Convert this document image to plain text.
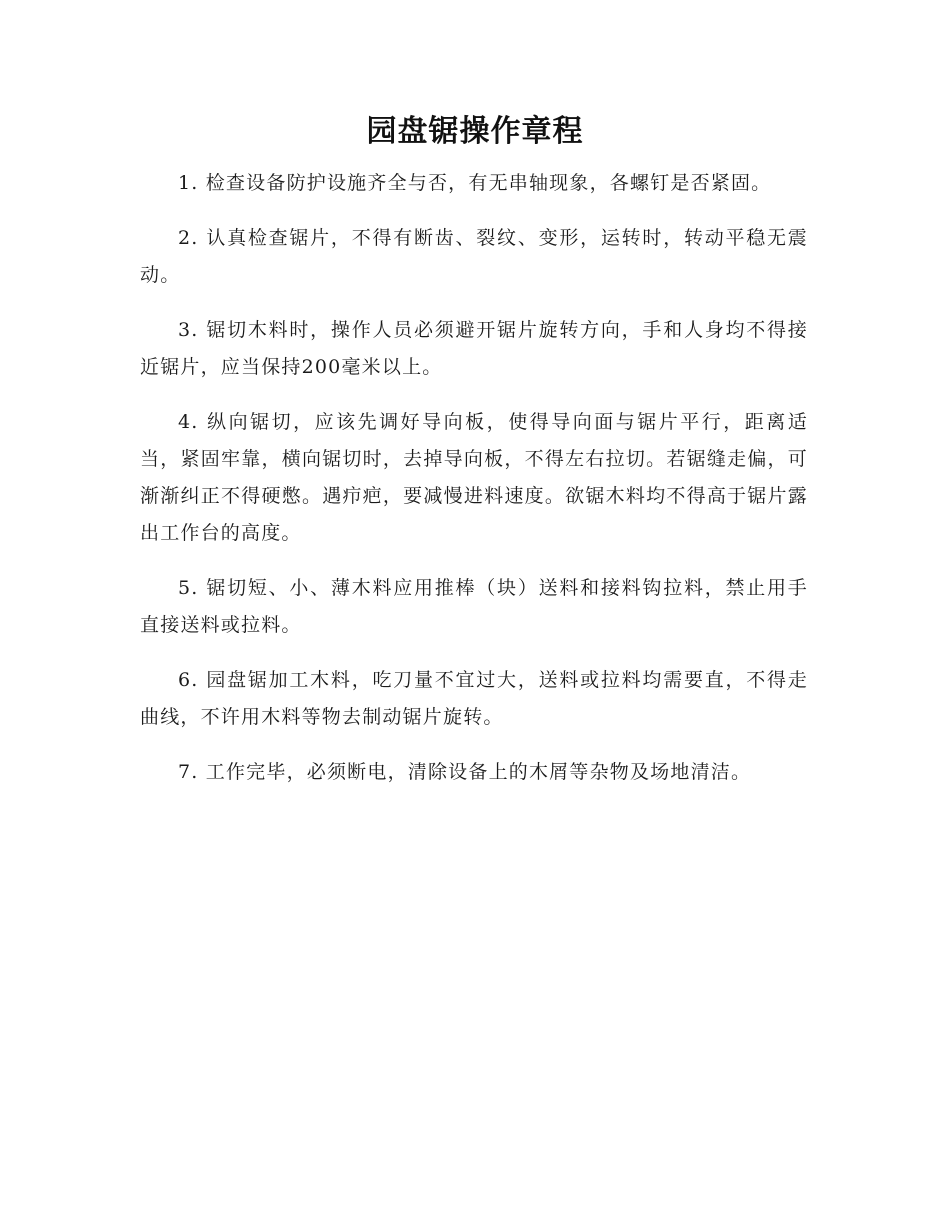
园盘锯操作章程

1. 检查设备防护设施齐全与否，有无串轴现象，各螺钉是否紧固。

2. 认真检查锯片，不得有断齿、裂纹、变形，运转时，转动平稳无震动。

3. 锯切木料时，操作人员必须避开锯片旋转方向，手和人身均不得接近锯片，应当保持200毫米以上。

4. 纵向锯切，应该先调好导向板，使得导向面与锯片平行，距离适当，紧固牢靠，横向锯切时，去掉导向板，不得左右拉切。若锯缝走偏，可渐渐纠正不得硬憋。遇疖疤，要减慢进料速度。欲锯木料均不得高于锯片露出工作台的高度。

5. 锯切短、小、薄木料应用推棒（块）送料和接料钩拉料，禁止用手直接送料或拉料。

6. 园盘锯加工木料，吃刀量不宜过大，送料或拉料均需要直，不得走曲线，不许用木料等物去制动锯片旋转。

7. 工作完毕，必须断电，清除设备上的木屑等杂物及场地清洁。
